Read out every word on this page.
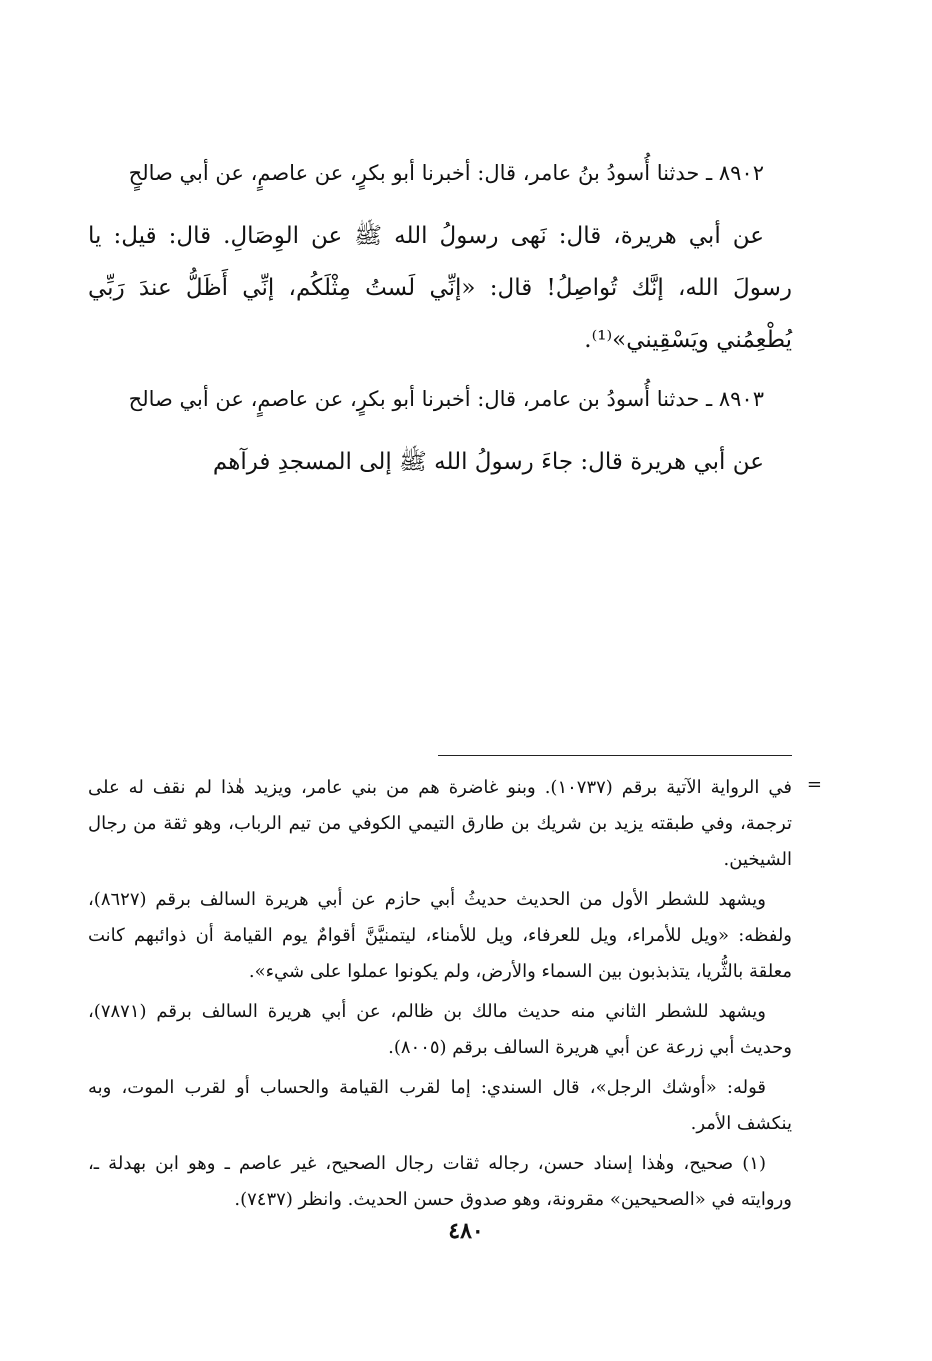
٨٩٠٢ ـ حدثنا أُسودُ بنُ عامر، قال: أخبرنا أبو بكرٍ، عن عاصمٍ، عن أبي صالحٍ

عن أبي هريرة، قال: نَهى رسولُ الله ﷺ عن الوِصَالِ. قال: قيل: يا رسولَ الله، إنَّك تُواصِلُ! قال: «إنِّي لَستُ مِثْلَكُم، إنِّي أَظَلُّ عندَ رَبِّي يُطْعِمُني ويَسْقِيني»⁽¹⁾.

٨٩٠٣ ـ حدثنا أُسودُ بن عامر، قال: أخبرنا أبو بكرٍ، عن عاصمٍ، عن أبي صالح

عن أبي هريرة قال: جاءَ رسولُ الله ﷺ إلى المسجدِ فرآهم

=

في الرواية الآتية برقم (١٠٧٣٧). وبنو غاضرة هم من بني عامر، ويزيد هٰذا لم نقف له على ترجمة، وفي طبقته يزيد بن شريك بن طارق التيمي الكوفي من تيم الرباب، وهو ثقة من رجال الشيخين.

ويشهد للشطر الأول من الحديث حديثُ أبي حازم عن أبي هريرة السالف برقم (٨٦٢٧)، ولفظه: «ويل للأمراء، ويل للعرفاء، ويل للأمناء، ليتمنيَّنَّ أقوامٌ يوم القيامة أن ذوائبهم كانت معلقة بالثُّريا، يتذبذبون بين السماء والأرض، ولم يكونوا عملوا على شيء».

ويشهد للشطر الثاني منه حديث مالك بن ظالم، عن أبي هريرة السالف برقم (٧٨٧١)، وحديث أبي زرعة عن أبي هريرة السالف برقم (٨٠٠٥).

قوله: «أوشك الرجل»، قال السندي: إما لقرب القيامة والحساب أو لقرب الموت، وبه ينكشف الأمر.

(١) صحيح، وهٰذا إسناد حسن، رجاله ثقات رجال الصحيح، غير عاصم ـ وهو ابن بهدلة ـ، وروايته في «الصحيحين» مقرونة، وهو صدوق حسن الحديث. وانظر (٧٤٣٧).

٤٨٠
